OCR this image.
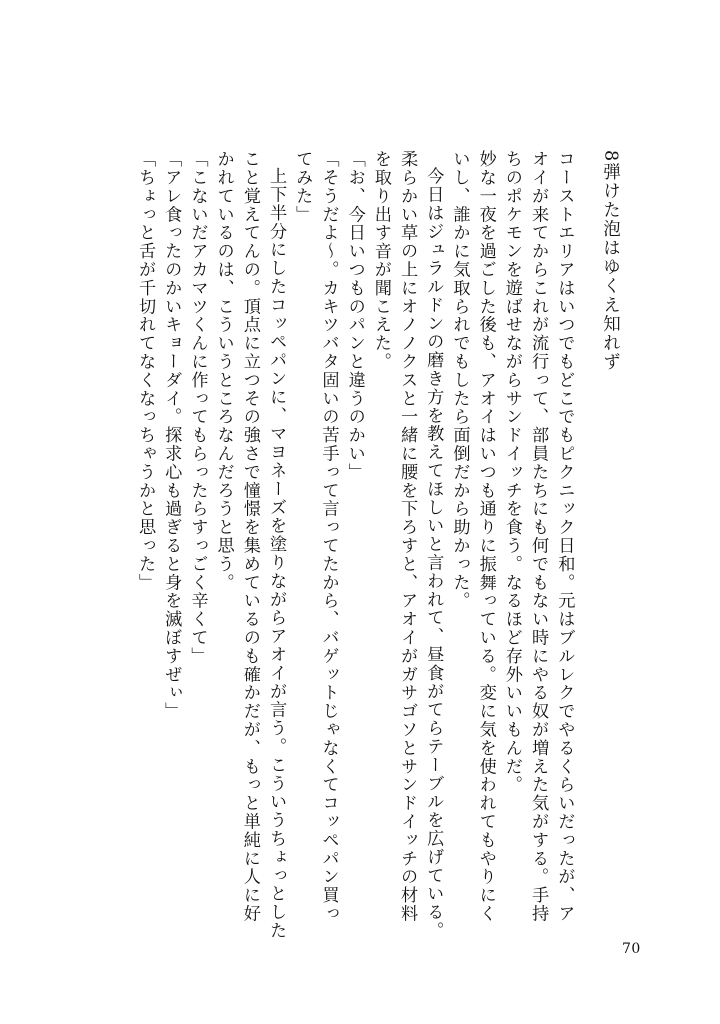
8弾けた泡はゆくえ知れず

コーストエリアはいつでもどこでもピクニック日和。元はブルレクでやるくらいだったが、アオイが来てからこれが流行って、部員たちにも何でもない時にやる奴が増えた気がする。手持ちのポケモンを遊ばせながらサンドイッチを食う。なるほど存外いいもんだ。

妙な一夜を過ごした後も、アオイはいつも通りに振舞っている。変に気を使われてもやりにくいし、誰かに気取られでもしたら面倒だから助かった。

今日はジュラルドンの磨き方を教えてほしいと言われて、昼食がてらテーブルを広げている。柔らかい草の上にオノノクスと一緒に腰を下ろすと、アオイがガサゴソとサンドイッチの材料を取り出す音が聞こえた。

「お、今日いつものパンと違うのかい」

「そうだよ〜。カキツバタ固いの苦手って言ってたから、バゲットじゃなくてコッペパン買ってみた」

上下半分にしたコッペパンに、マヨネーズを塗りながらアオイが言う。こういうちょっとしたこと覚えてんの。頂点に立つその強さで憧憬を集めているのも確かだが、もっと単純に人に好かれているのは、こういうところなんだろうと思う。

「こないだアカマツくんに作ってもらったらすっごく辛くて」

「アレ食ったのかいキョーダイ。探求心も過ぎると身を滅ぼすぜぃ」

「ちょっと舌が千切れてなくなっちゃうかと思った」

70
